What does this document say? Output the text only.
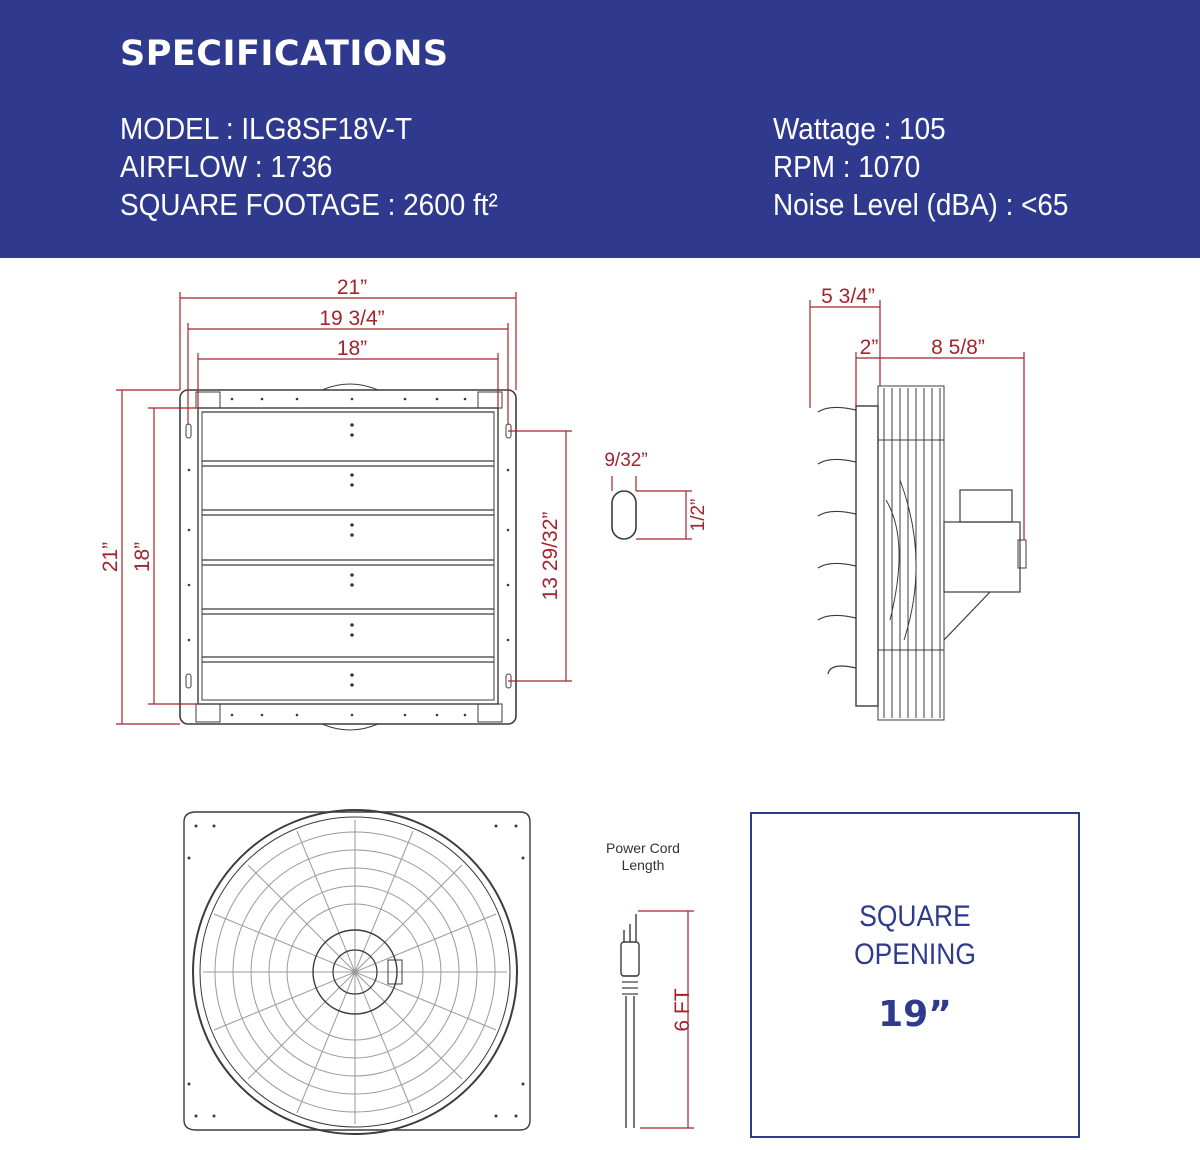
SPECIFICATIONS
MODEL : ILG8SF18V-T
AIRFLOW : 1736
SQUARE FOOTAGE : 2600 ft²
Wattage : 105
RPM : 1070
Noise Level (dBA) : <65
21”
19 3/4”
18”
21” 18”	13 29/32”
9/32”
1/2”
5 3/4”
2”	8 5/8”
6 FT
Power Cord Length
SQUARE
OPENING
19”
